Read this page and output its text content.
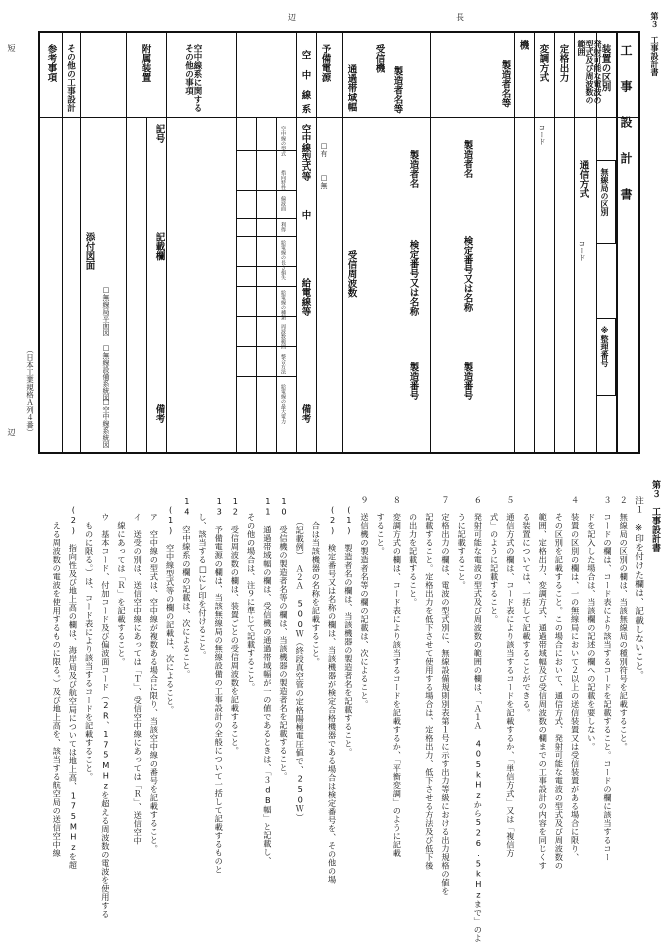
第３　工事設計書
辺	長
短
辺
無線局の区別
※整理番号
工　事　設　計　書
装置の区別
発射可能な電波の型式及び周波数の範囲
通信方式
コード
定格出力
機 変調方式
コード
製造者名等
製造者名
検定番号又は名称
製造番号
受信機
製造者名等
製造者名
検定番号又は名称
製造番号
通過帯域幅
受信周波数
予備電源
□有
□無
空
中
線
系
空中線型式等
中
給電線等
備考
空中線の型式
指向特性
偏波面
利得
給電線の長さ
損失
給電線の種類
周波数範囲
整合方法
給電線の最大電力
空中線系に関するその他の事項
附属装置
記号
記載欄
備考
添付図面
□無線局平面図
□無線設備系統図
□空中線系統図
その他の工事設計
参考事項
（日本工業規格Ａ列４番）
第３　工事設計書
注１　※印を付けた欄は、記載しないこと。
２　無線局の区別の欄は、当該無線局の種別符号を記載すること。
３　コードの欄は、コード表により該当するコードを記載すること。コードの欄に該当するコー
　　ドを記入した場合は、当該欄の記述の欄への記載を要しない。
４　装置の区別の欄は、一の無線局において２以上の送信装置又は受信装置がある場合に限り、
　　その区別を記載すること。この場合において、通信方式、発射可能な電波の型式及び周波数の
　　範囲、定格出力、変調方式、通過帯域幅及び受信周波数の欄までの工事設計の内容を同じくす
　　る装置については、一括して記載することができる。
５　通信方式の欄は、コード表により該当するコードを記載するか、「単信方式」又は「複信方
　　式」のように記載すること。
６　発射可能な電波の型式及び周波数の範囲の欄は、「Ａ１Ａ　405kHzから526.5kHzまで」のよ
　　うに記載すること。
７　定格出力の欄は、電波の型式別に、無線設備規則別表第１号に示す出力等級における出力規格の値を
　　記載すること。定格出力を低下させて使用する場合は、定格出力、低下させる方法及び低下後
　　の出力を記載すること。
８　変調方式の欄は、コード表により該当するコードを記載するか、「平衡変調」のように記載
　　すること。
９　送信機の製造者名等の欄の記載は、次によること。
　(1)　製造者名の欄は、当該機器の製造者名を記載すること。
　(2)　検定番号又は名称の欄は、当該機器が検定合格機器である場合は検定番号を、その他の場
　　　合は当該機器の名称を記載すること。
　　　（記載例）　Ａ２Ａ　500Ｗ（終段真空管の定格陽極電圧値で、250Ｗ）
10　受信機の製造者名等の欄は、当該機器の製造者名を記載すること。
11　通過帯域幅の欄は、受信機の通過帯域幅が一の値であるときは、「３dB幅」と記載し、
　　その他の場合は、注９に準じて記載すること。
12　受信周波数の欄は、装置ごとの受信周波数を記載すること。
13　予備電源の欄は、当該無線局の無線設備の工事設計の全般について一括して記載するものと
　　し、該当する□にレ印を付けること。
14　空中線系の欄の記載は、次によること。
　(1)　空中線型式等の欄の記載は、次によること。
　　ア　空中線の型式は、空中線が複数ある場合に限り、当該空中線の番号を記載すること。
　　イ　送受の別は、送信空中線にあっては「Ｔ」、受信空中線にあっては「Ｒ」、送信空中
　　　線にあっては「Ｒ」を記載すること。
　　ウ　基本コード、付加コード及び偏波面コード（2R、175MHzを超える周波数の電波を使用する
　　　ものに限る。）は、コード表により該当するコードを記載すること。
　(2)　指向性及び地上高の欄は、海岸局及び航空局については地上高、175MHzを超
　　　える周波数の電波を使用するものに限る。）及び地上高を、該当する航空局の送信空中線
